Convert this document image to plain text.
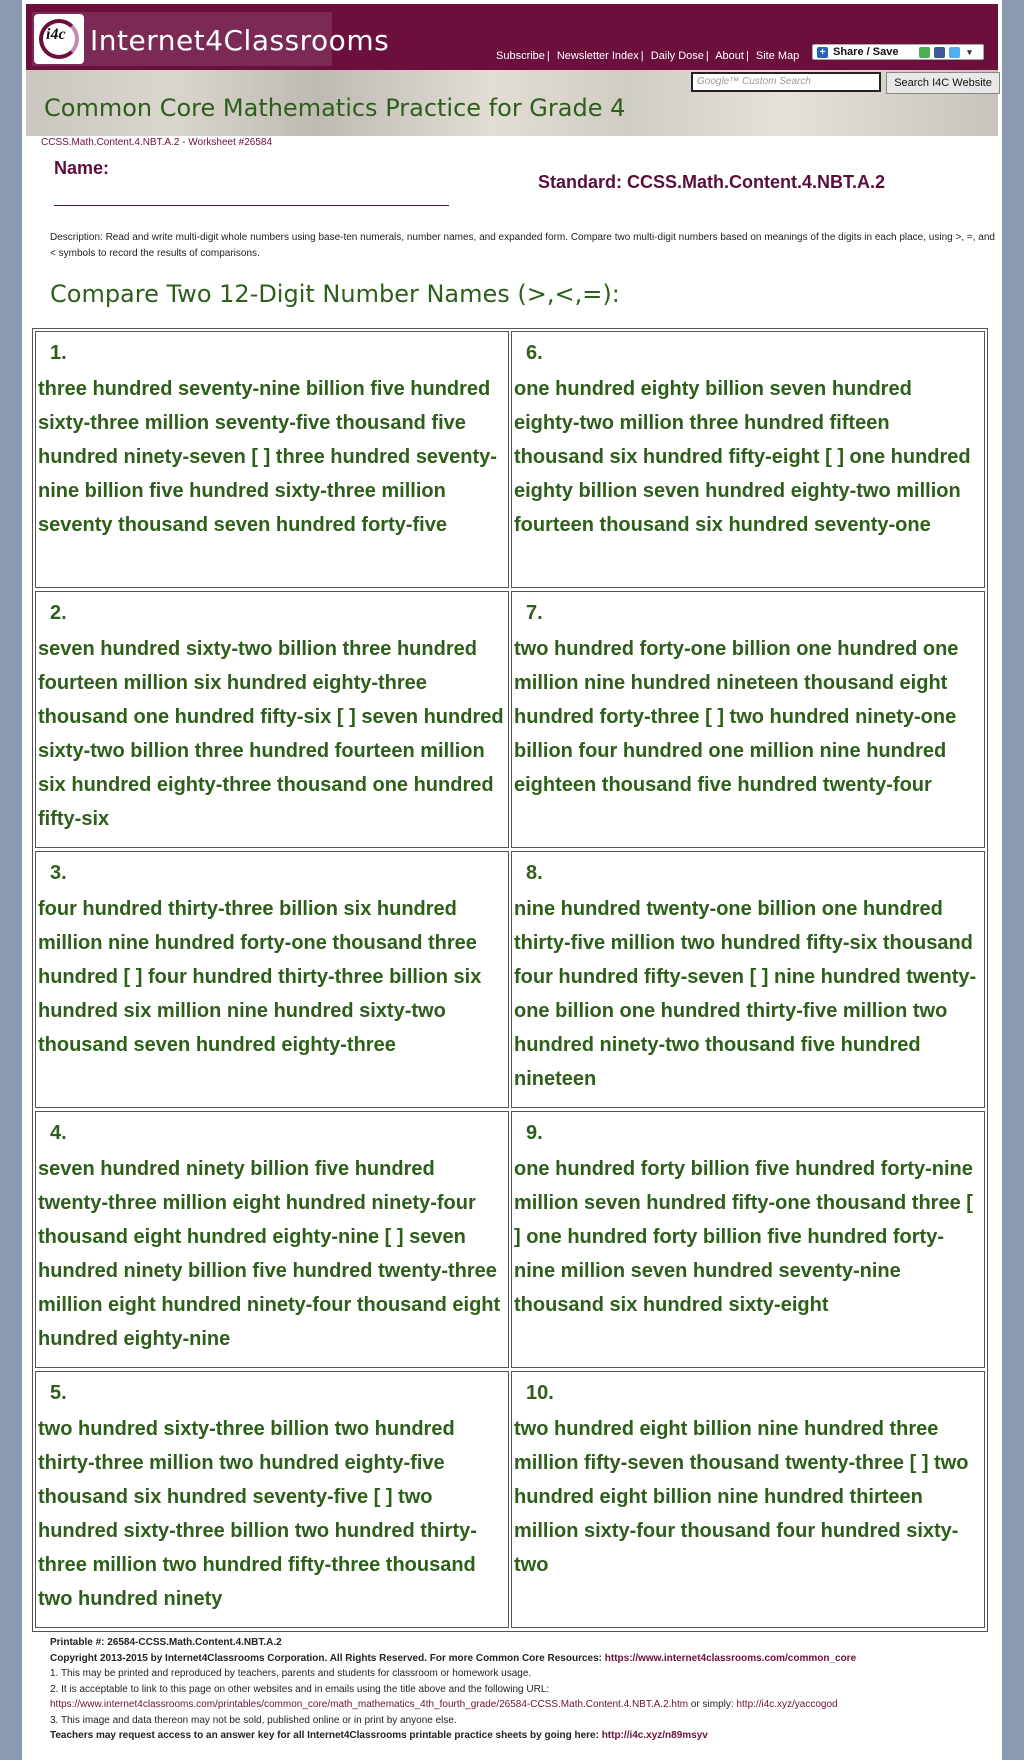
i4c Internet4Classrooms	Subscribe | Newsletter Index | Daily Dose | About | Site Map + Share / Save	▾
Common Core Mathematics Practice for Grade 4
Google™ Custom Search	Search I4C Website
CCSS.Math.Content.4.NBT.A.2 - Worksheet #26584
Name:
Standard: CCSS.Math.Content.4.NBT.A.2
Description: Read and write multi-digit whole numbers using base-ten numerals, number names, and expanded form. Compare two multi-digit numbers based on meanings of the digits in each place, using >, =, and < symbols to record the results of comparisons.
Compare Two 12-Digit Number Names (>,<,=):
1.
three hundred seventy-nine billion five hundred sixty-three million seventy-five thousand five hundred ninety-seven [ ] three hundred seventy-nine billion five hundred sixty-three million seventy thousand seven hundred forty-five
6.
one hundred eighty billion seven hundred eighty-two million three hundred fifteen thousand six hundred fifty-eight [ ] one hundred eighty billion seven hundred eighty-two million fourteen thousand six hundred seventy-one
2.
seven hundred sixty-two billion three hundred fourteen million six hundred eighty-three thousand one hundred fifty-six [ ] seven hundred sixty-two billion three hundred fourteen million six hundred eighty-three thousand one hundred fifty-six
7.
two hundred forty-one billion one hundred one million nine hundred nineteen thousand eight hundred forty-three [ ] two hundred ninety-one billion four hundred one million nine hundred eighteen thousand five hundred twenty-four
3.
four hundred thirty-three billion six hundred million nine hundred forty-one thousand three hundred [ ] four hundred thirty-three billion six hundred six million nine hundred sixty-two thousand seven hundred eighty-three
8.
nine hundred twenty-one billion one hundred thirty-five million two hundred fifty-six thousand four hundred fifty-seven [ ] nine hundred twenty-one billion one hundred thirty-five million two hundred ninety-two thousand five hundred nineteen
4.
seven hundred ninety billion five hundred twenty-three million eight hundred ninety-four thousand eight hundred eighty-nine [ ] seven hundred ninety billion five hundred twenty-three million eight hundred ninety-four thousand eight hundred eighty-nine
9.
one hundred forty billion five hundred forty-nine million seven hundred fifty-one thousand three [ ] one hundred forty billion five hundred forty-nine million seven hundred seventy-nine thousand six hundred sixty-eight
5.
two hundred sixty-three billion two hundred thirty-three million two hundred eighty-five thousand six hundred seventy-five [ ] two hundred sixty-three billion two hundred thirty-three million two hundred fifty-three thousand two hundred ninety
10.
two hundred eight billion nine hundred three million fifty-seven thousand twenty-three [ ] two hundred eight billion nine hundred thirteen million sixty-four thousand four hundred sixty-two
Printable #: 26584-CCSS.Math.Content.4.NBT.A.2
Copyright 2013-2015 by Internet4Classrooms Corporation. All Rights Reserved. For more Common Core Resources: https://www.internet4classrooms.com/common_core
1. This may be printed and reproduced by teachers, parents and students for classroom or homework usage.
2. It is acceptable to link to this page on other websites and in emails using the title above and the following URL:
https://www.internet4classrooms.com/printables/common_core/math_mathematics_4th_fourth_grade/26584-CCSS.Math.Content.4.NBT.A.2.htm or simply: http://i4c.xyz/yaccogod
3. This image and data thereon may not be sold, published online or in print by anyone else.
Teachers may request access to an answer key for all Internet4Classrooms printable practice sheets by going here: http://i4c.xyz/n89msyv
